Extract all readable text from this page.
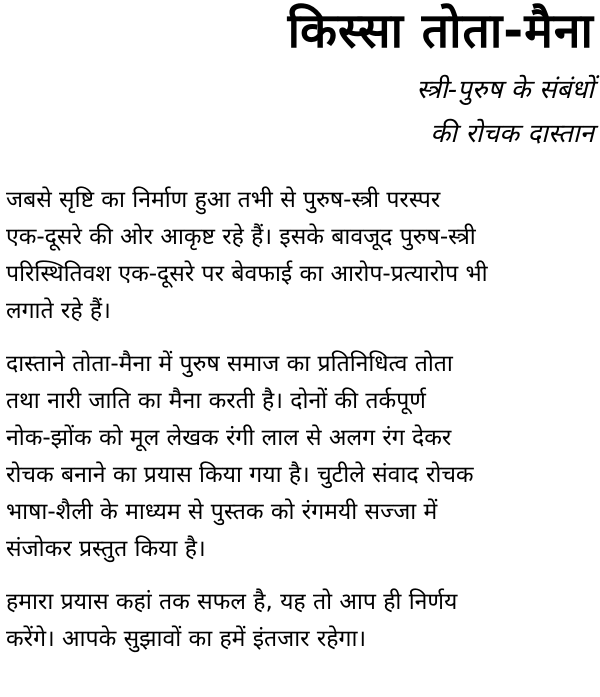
किस्सा तोता-मैना
स्त्री-पुरुष के संबंधों
की रोचक दास्तान

जबसे सृष्टि का निर्माण हुआ तभी से पुरुष-स्त्री परस्पर
एक-दूसरे की ओर आकृष्ट रहे हैं। इसके बावजूद पुरुष-स्त्री
परिस्थितिवश एक-दूसरे पर बेवफाई का आरोप-प्रत्यारोप भी
लगाते रहे हैं।

दास्ताने तोता-मैना में पुरुष समाज का प्रतिनिधित्व तोता
तथा नारी जाति का मैना करती है। दोनों की तर्कपूर्ण
नोक-झोंक को मूल लेखक रंगी लाल से अलग रंग देकर
रोचक बनाने का प्रयास किया गया है। चुटीले संवाद रोचक
भाषा-शैली के माध्यम से पुस्तक को रंगमयी सज्जा में
संजोकर प्रस्तुत किया है।

हमारा प्रयास कहां तक सफल है, यह तो आप ही निर्णय
करेंगे। आपके सुझावों का हमें इंतजार रहेगा।
